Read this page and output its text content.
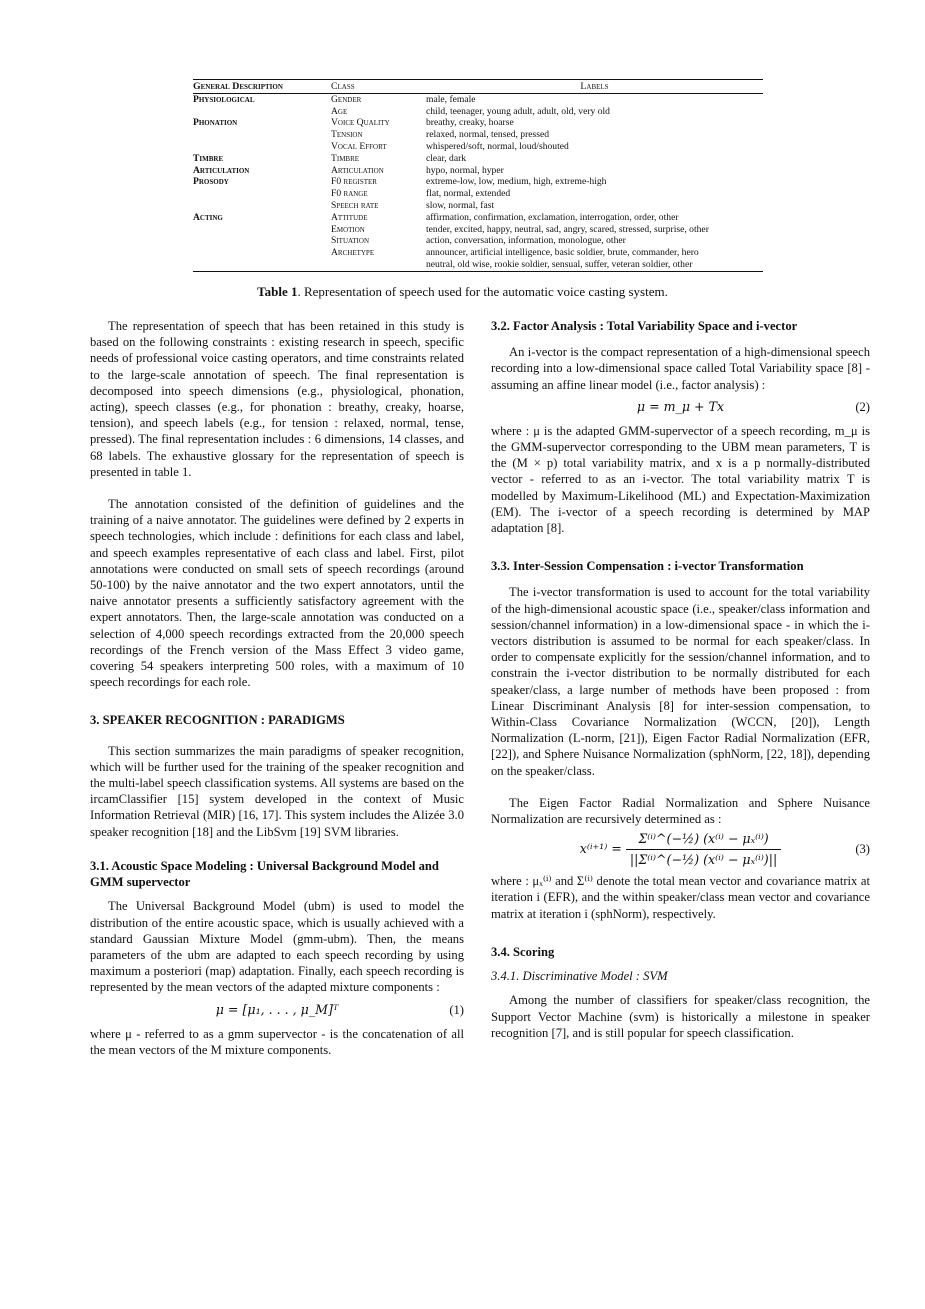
General Description	Class	Labels
Physiological	Gender	male, female
	Age	child, teenager, young adult, adult, old, very old
Phonation	Voice Quality	breathy, creaky, hoarse
	Tension	relaxed, normal, tensed, pressed
	Vocal Effort	whispered/soft, normal, loud/shouted
Timbre	Timbre	clear, dark
Articulation	Articulation	hypo, normal, hyper
Prosody	F0 register	extreme-low, low, medium, high, extreme-high
	F0 range	flat, normal, extended
	Speech rate	slow, normal, fast
Acting	Attitude	affirmation, confirmation, exclamation, interrogation, order, other
	Emotion	tender, excited, happy, neutral, sad, angry, scared, stressed, surprise, other
	Situation	action, conversation, information, monologue, other
	Archetype	announcer, artificial intelligence, basic soldier, brute, commander, hero
		neutral, old wise, rookie soldier, sensual, suffer, veteran soldier, other
Table 1. Representation of speech used for the automatic voice casting system.

The representation of speech that has been retained in this study is based on the following constraints : existing research in speech, specific needs of professional voice casting operators, and time constraints related to the large-scale annotation of speech. The final representation is decomposed into speech dimensions (e.g., physiological, phonation, acting), speech classes (e.g., for phonation : breathy, creaky, hoarse, tension), and speech labels (e.g., for tension : relaxed, normal, tense, pressed). The final representation includes : 6 dimensions, 14 classes, and 68 labels. The exhaustive glossary for the representation of speech is presented in table 1.

The annotation consisted of the definition of guidelines and the training of a naive annotator. The guidelines were defined by 2 experts in speech technologies, which include : definitions for each class and label, and speech examples representative of each class and label. First, pilot annotations were conducted on small sets of speech recordings (around 50-100) by the naive annotator and the two expert annotators, until the naive annotator presents a sufficiently satisfactory agreement with the expert annotators. Then, the large-scale annotation was conducted on a selection of 4,000 speech recordings extracted from the 20,000 speech recordings of the French version of the Mass Effect 3 video game, covering 54 speakers interpreting 500 roles, with a maximum of 10 speech recordings for each role.

3. SPEAKER RECOGNITION : PARADIGMS

This section summarizes the main paradigms of speaker recognition, which will be further used for the training of the speaker recognition and the multi-label speech classification systems. All systems are based on the ircamClassifier [15] system developed in the context of Music Information Retrieval (MIR) [16, 17]. This system includes the Alizée 3.0 speaker recognition [18] and the LibSvm [19] SVM libraries.

3.1. Acoustic Space Modeling : Universal Background Model and GMM supervector

The Universal Background Model (ubm) is used to model the distribution of the entire acoustic space, which is usually achieved with a standard Gaussian Mixture Model (gmm-ubm). Then, the means parameters of the ubm are adapted to each speech recording by using maximum a posteriori (map) adaptation. Finally, each speech recording is represented by the mean vectors of the adapted mixture components :

μ = [μ₁, . . . , μ_M]ᵀ	(1)

where μ - referred to as a gmm supervector - is the concatenation of all the mean vectors of the M mixture components.

3.2. Factor Analysis : Total Variability Space and i-vector

An i-vector is the compact representation of a high-dimensional speech recording into a low-dimensional space called Total Variability space [8] - assuming an affine linear model (i.e., factor analysis) :

μ = m_μ + Tx	(2)

where : μ is the adapted GMM-supervector of a speech recording, m_μ is the GMM-supervector corresponding to the UBM mean parameters, T is the (M × p) total variability matrix, and x is a p normally-distributed vector - referred to as an i-vector. The total variability matrix T is modelled by Maximum-Likelihood (ML) and Expectation-Maximization (EM). The i-vector of a speech recording is determined by MAP adaptation [8].

3.3. Inter-Session Compensation : i-vector Transformation

The i-vector transformation is used to account for the total variability of the high-dimensional acoustic space (i.e., speaker/class information and session/channel information) in a low-dimensional space - in which the i-vectors distribution is assumed to be normal for each speaker/class. In order to compensate explicitly for the session/channel information, and to constrain the i-vector distribution to be normally distributed for each speaker/class, a large number of methods have been proposed : from Linear Discriminant Analysis [8] for inter-session compensation, to Within-Class Covariance Normalization (WCCN, [20]), Length Normalization (L-norm, [21]), Eigen Factor Radial Normalization (EFR, [22]), and Sphere Nuisance Normalization (sphNorm, [22, 18]), depending on the speaker/class.

The Eigen Factor Radial Normalization and Sphere Nuisance Normalization are recursively determined as :

$x^{(i+1)} = \frac{\text{Σ⁽ⁱ⁾\textasciicircum{}(−½) (x⁽ⁱ⁾ − μₓ⁽ⁱ⁾)}}{\text{||Σ⁽ⁱ⁾\textasciicircum{}(−½) (x⁽ⁱ⁾ − μₓ⁽ⁱ⁾)||}}$	(3)

where : μₓ⁽ⁱ⁾ and Σ⁽ⁱ⁾ denote the total mean vector and covariance matrix at iteration i (EFR), and the within speaker/class mean vector and covariance matrix at iteration i (sphNorm), respectively.

3.4. Scoring

3.4.1. Discriminative Model : SVM

Among the number of classifiers for speaker/class recognition, the Support Vector Machine (svm) is historically a milestone in speaker recognition [7], and is still popular for speech classification.
